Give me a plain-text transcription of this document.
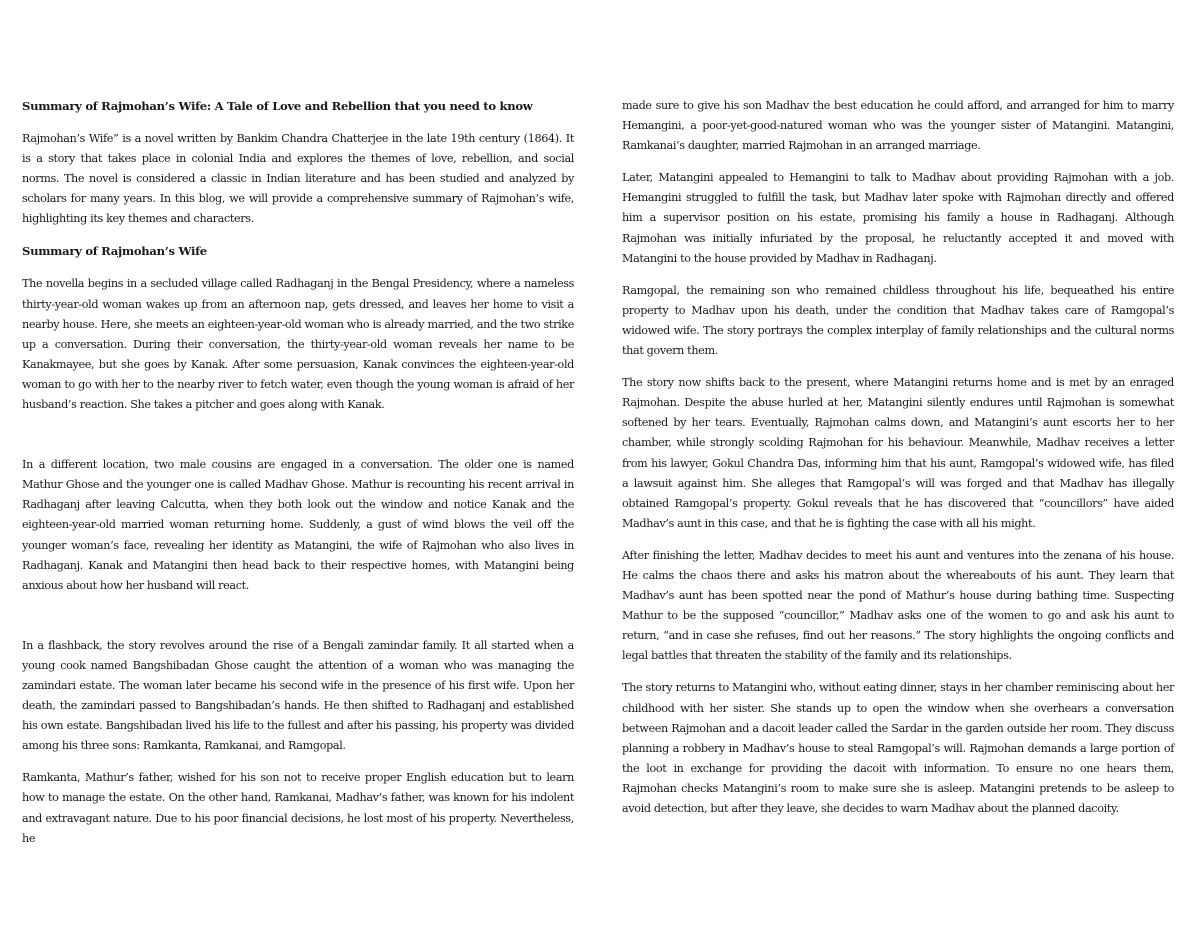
Summary of Rajmohan’s Wife: A Tale of Love and Rebellion that you need to know

Rajmohan’s Wife” is a novel written by Bankim Chandra Chatterjee in the late 19th century (1864). It is a story that takes place in colonial India and explores the themes of love, rebellion, and social norms. The novel is considered a classic in Indian literature and has been studied and analyzed by scholars for many years. In this blog, we will provide a comprehensive summary of Rajmohan’s wife, highlighting its key themes and characters.

Summary of Rajmohan’s Wife

The novella begins in a secluded village called Radhaganj in the Bengal Presidency, where a nameless thirty-year-old woman wakes up from an afternoon nap, gets dressed, and leaves her home to visit a nearby house. Here, she meets an eighteen-year-old woman who is already married, and the two strike up a conversation. During their conversation, the thirty-year-old woman reveals her name to be Kanakmayee, but she goes by Kanak. After some persuasion, Kanak convinces the eighteen-year-old woman to go with her to the nearby river to fetch water, even though the young woman is afraid of her husband’s reaction. She takes a pitcher and goes along with Kanak.

In a different location, two male cousins are engaged in a conversation. The older one is named Mathur Ghose and the younger one is called Madhav Ghose. Mathur is recounting his recent arrival in Radhaganj after leaving Calcutta, when they both look out the window and notice Kanak and the eighteen-year-old married woman returning home. Suddenly, a gust of wind blows the veil off the younger woman’s face, revealing her identity as Matangini, the wife of Rajmohan who also lives in Radhaganj. Kanak and Matangini then head back to their respective homes, with Matangini being anxious about how her husband will react.

In a flashback, the story revolves around the rise of a Bengali zamindar family. It all started when a young cook named Bangshibadan Ghose caught the attention of a woman who was managing the zamindari estate. The woman later became his second wife in the presence of his first wife. Upon her death, the zamindari passed to Bangshibadan’s hands. He then shifted to Radhaganj and established his own estate. Bangshibadan lived his life to the fullest and after his passing, his property was divided among his three sons: Ramkanta, Ramkanai, and Ramgopal.

Ramkanta, Mathur’s father, wished for his son not to receive proper English education but to learn how to manage the estate. On the other hand, Ramkanai, Madhav’s father, was known for his indolent and extravagant nature. Due to his poor financial decisions, he lost most of his property. Nevertheless, he

made sure to give his son Madhav the best education he could afford, and arranged for him to marry Hemangini, a poor-yet-good-natured woman who was the younger sister of Matangini. Matangini, Ramkanai’s daughter, married Rajmohan in an arranged marriage.

Later, Matangini appealed to Hemangini to talk to Madhav about providing Rajmohan with a job. Hemangini struggled to fulfill the task, but Madhav later spoke with Rajmohan directly and offered him a supervisor position on his estate, promising his family a house in Radhaganj. Although Rajmohan was initially infuriated by the proposal, he reluctantly accepted it and moved with Matangini to the house provided by Madhav in Radhaganj.

Ramgopal, the remaining son who remained childless throughout his life, bequeathed his entire property to Madhav upon his death, under the condition that Madhav takes care of Ramgopal’s widowed wife. The story portrays the complex interplay of family relationships and the cultural norms that govern them.

The story now shifts back to the present, where Matangini returns home and is met by an enraged Rajmohan. Despite the abuse hurled at her, Matangini silently endures until Rajmohan is somewhat softened by her tears. Eventually, Rajmohan calms down, and Matangini’s aunt escorts her to her chamber, while strongly scolding Rajmohan for his behaviour. Meanwhile, Madhav receives a letter from his lawyer, Gokul Chandra Das, informing him that his aunt, Ramgopal’s widowed wife, has filed a lawsuit against him. She alleges that Ramgopal’s will was forged and that Madhav has illegally obtained Ramgopal’s property. Gokul reveals that he has discovered that “councillors” have aided Madhav’s aunt in this case, and that he is fighting the case with all his might.

After finishing the letter, Madhav decides to meet his aunt and ventures into the zenana of his house. He calms the chaos there and asks his matron about the whereabouts of his aunt. They learn that Madhav’s aunt has been spotted near the pond of Mathur’s house during bathing time. Suspecting Mathur to be the supposed “councillor,” Madhav asks one of the women to go and ask his aunt to return, “and in case she refuses, find out her reasons.” The story highlights the ongoing conflicts and legal battles that threaten the stability of the family and its relationships.

The story returns to Matangini who, without eating dinner, stays in her chamber reminiscing about her childhood with her sister. She stands up to open the window when she overhears a conversation between Rajmohan and a dacoit leader called the Sardar in the garden outside her room. They discuss planning a robbery in Madhav’s house to steal Ramgopal’s will. Rajmohan demands a large portion of the loot in exchange for providing the dacoit with information. To ensure no one hears them, Rajmohan checks Matangini’s room to make sure she is asleep. Matangini pretends to be asleep to avoid detection, but after they leave, she decides to warn Madhav about the planned dacoity.
